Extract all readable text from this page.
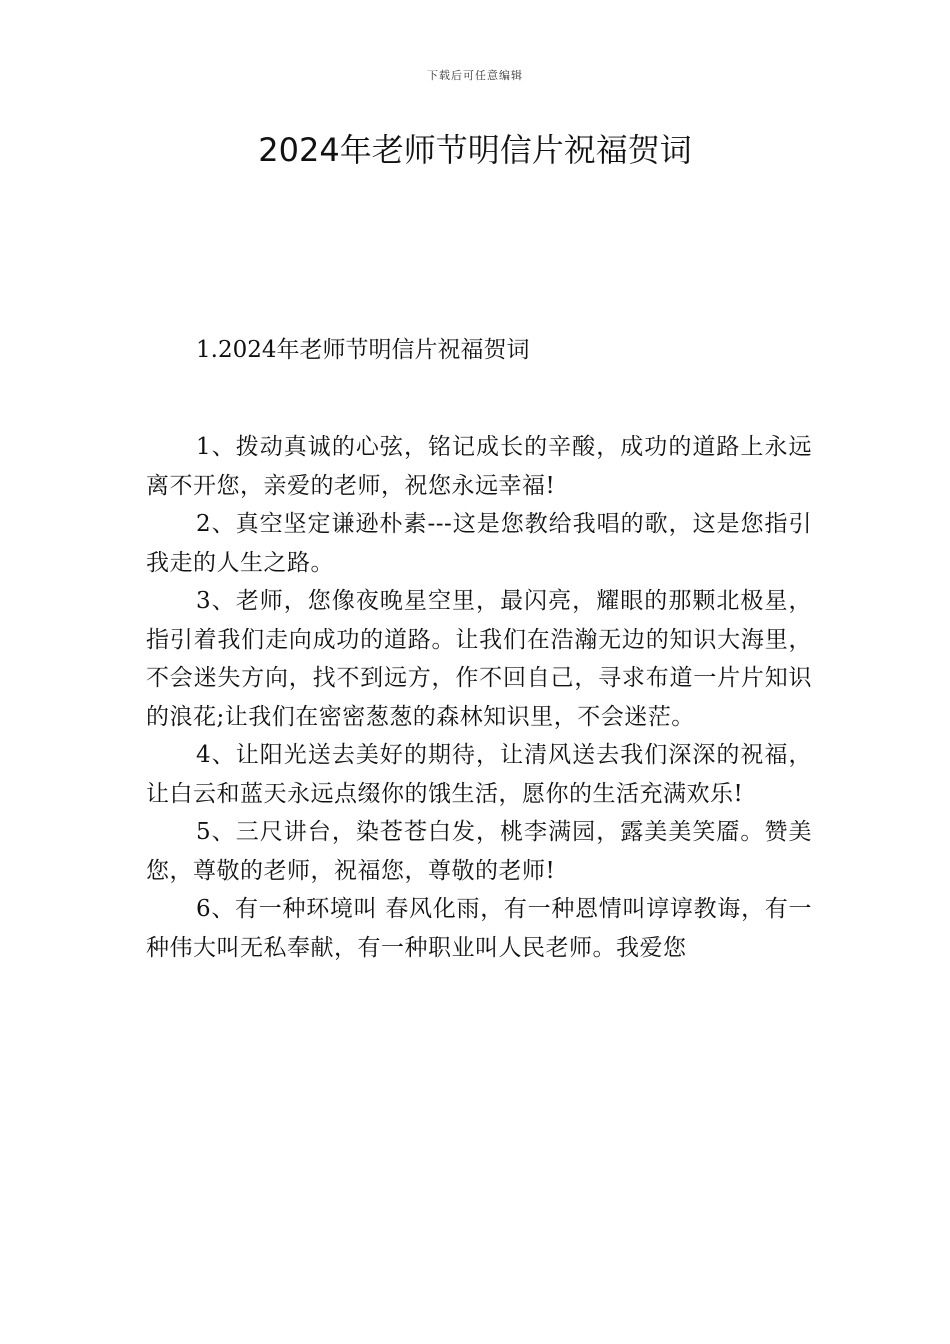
下载后可任意编辑
2024年老师节明信片祝福贺词
1.2024年老师节明信片祝福贺词

1、拨动真诚的心弦，铭记成长的辛酸，成功的道路上永远离不开您，亲爱的老师，祝您永远幸福!

2、真空坚定谦逊朴素---这是您教给我唱的歌，这是您指引我走的人生之路。

3、老师，您像夜晚星空里，最闪亮，耀眼的那颗北极星，指引着我们走向成功的道路。让我们在浩瀚无边的知识大海里，不会迷失方向，找不到远方，作不回自己，寻求布道一片片知识的浪花;让我们在密密葱葱的森林知识里，不会迷茫。

4、让阳光送去美好的期待，让清风送去我们深深的祝福，让白云和蓝天永远点缀你的饿生活，愿你的生活充满欢乐!

5、三尺讲台，染苍苍白发，桃李满园，露美美笑靥。赞美您，尊敬的老师，祝福您，尊敬的老师!

6、有一种环境叫 春风化雨，有一种恩情叫谆谆教诲，有一种伟大叫无私奉献，有一种职业叫人民老师。我爱您
